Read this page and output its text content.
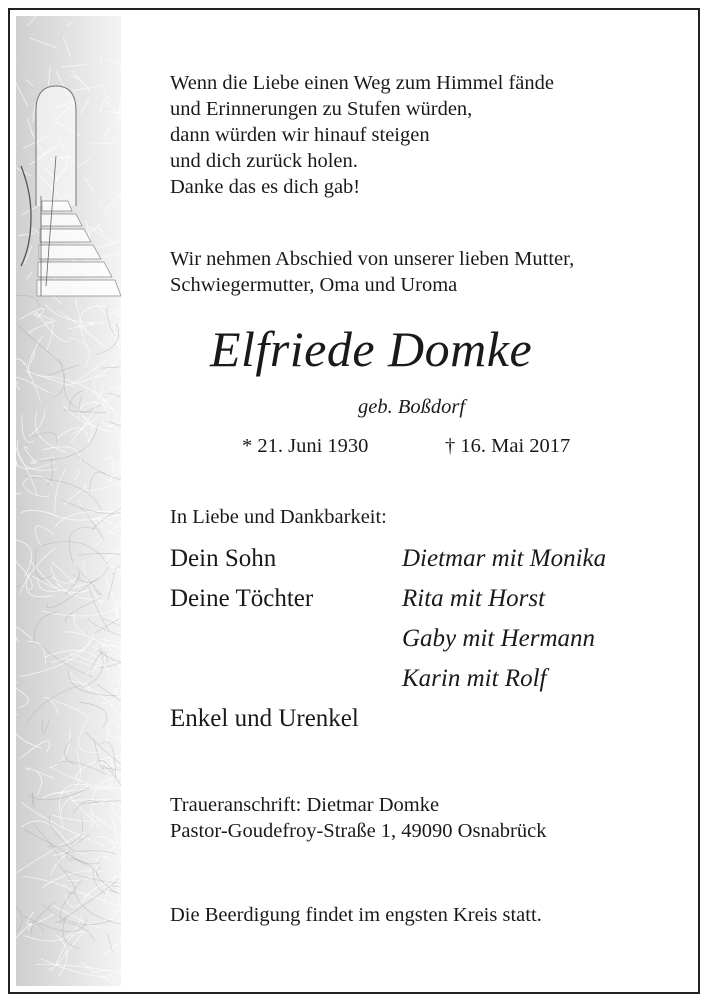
Wenn die Liebe einen Weg zum Himmel fände

und Erinnerungen zu Stufen würden,

dann würden wir hinauf steigen

und dich zurück holen.

Danke das es dich gab!

Wir nehmen Abschied von unserer lieben Mutter,

Schwiegermutter, Oma und Uroma

Elfriede Domke
geb. Boßdorf
* 21. Juni 1930	† 16. Mai 2017

In Liebe und Dankbarkeit:

Dein Sohn	Dietmar mit Monika
Deine Töchter	Rita mit Horst
Gaby mit Hermann
Karin mit Rolf
Enkel und Urenkel

Traueranschrift: Dietmar Domke

Pastor-Goudefroy-Straße 1, 49090 Osnabrück

Die Beerdigung findet im engsten Kreis statt.
